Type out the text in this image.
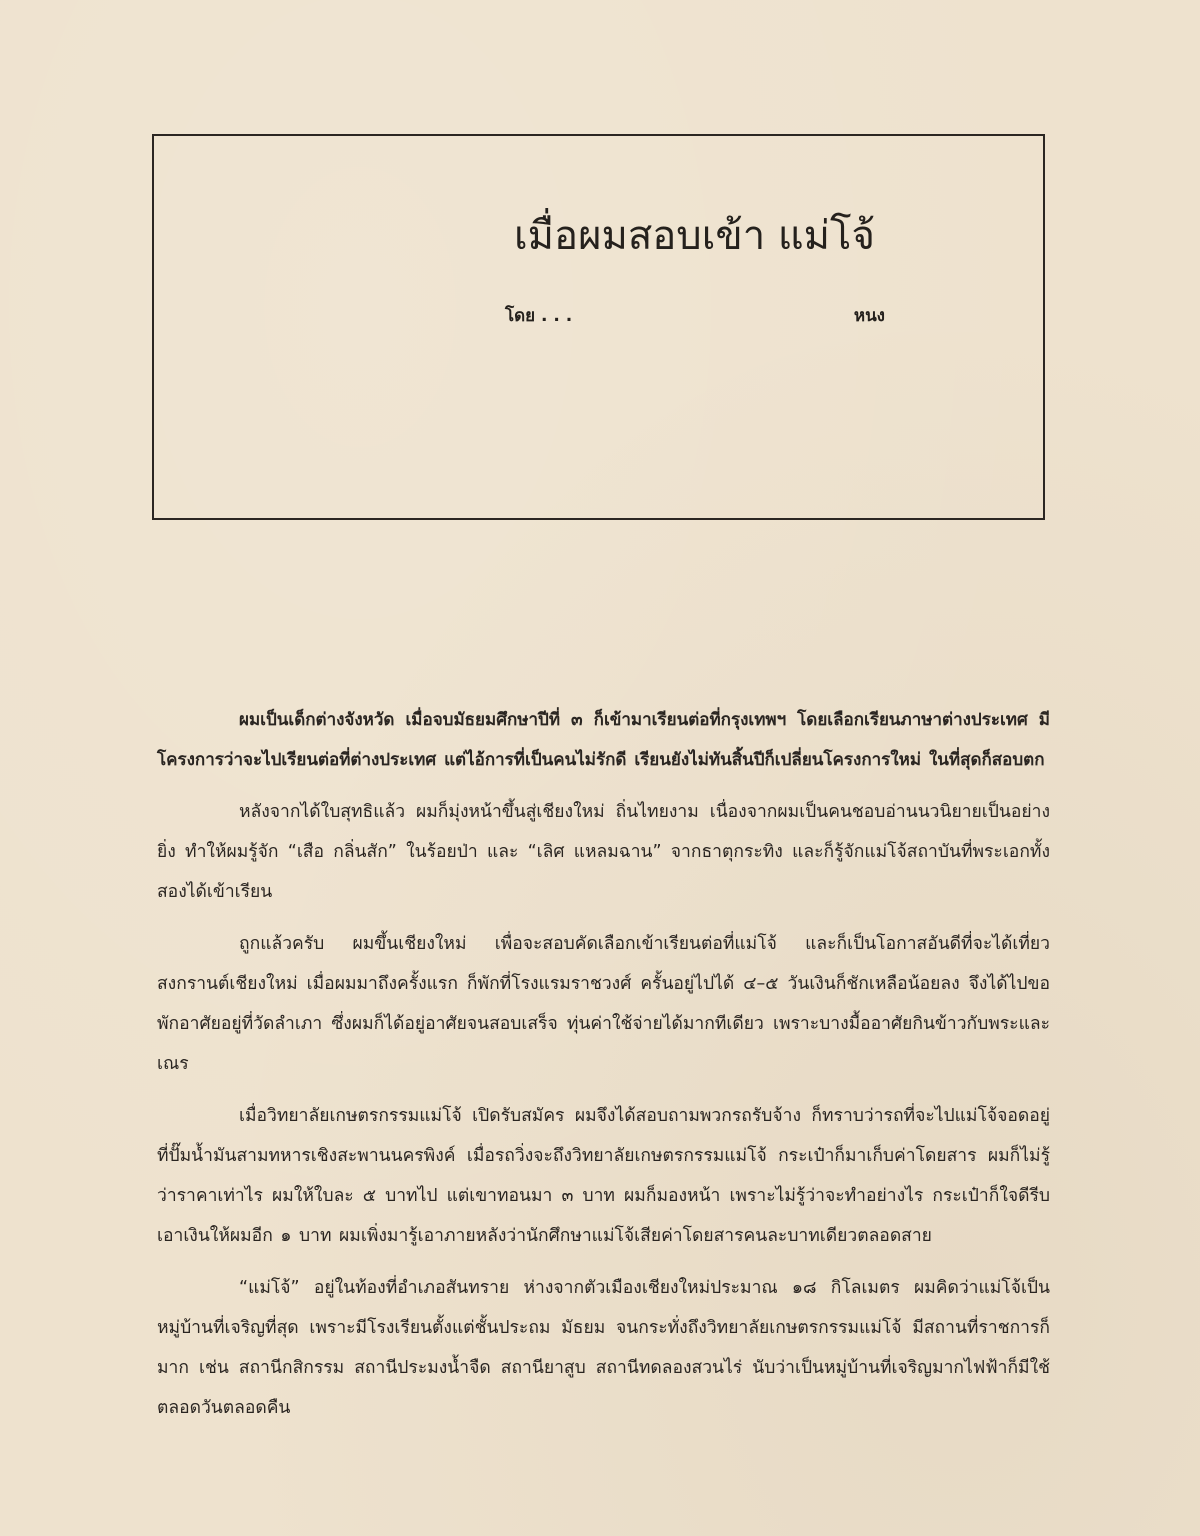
เมื่อผมสอบเข้า แม่โจ้
โดย . . .	หนง

ผมเป็นเด็กต่างจังหวัด เมื่อจบมัธยมศึกษาปีที่ ๓ ก็เข้ามาเรียนต่อที่กรุงเทพฯ โดยเลือกเรียนภาษาต่างประเทศ มีโครงการว่าจะไปเรียนต่อที่ต่างประเทศ แต่ไอ้การที่เป็นคนไม่รักดี เรียนยังไม่ทันสิ้นปีก็เปลี่ยนโครงการใหม่ ในที่สุดก็สอบตก

หลังจากได้ใบสุทธิแล้ว ผมก็มุ่งหน้าขึ้นสู่เชียงใหม่ ถิ่นไทยงาม เนื่องจากผมเป็นคนชอบอ่านนวนิยายเป็นอย่างยิ่ง ทำให้ผมรู้จัก “เสือ กลิ่นสัก” ในร้อยป่า และ “เลิศ แหลมฉาน” จากธาตุกระทิง และก็รู้จักแม่โจ้สถาบันที่พระเอกทั้งสองได้เข้าเรียน

ถูกแล้วครับ ผมขึ้นเชียงใหม่ เพื่อจะสอบคัดเลือกเข้าเรียนต่อที่แม่โจ้ และก็เป็นโอกาสอันดีที่จะได้เที่ยวสงกรานต์เชียงใหม่ เมื่อผมมาถึงครั้งแรก ก็พักที่โรงแรมราชวงศ์ ครั้นอยู่ไปได้ ๔–๕ วันเงินก็ชักเหลือน้อยลง จึงได้ไปขอพักอาศัยอยู่ที่วัดลำเภา ซึ่งผมก็ได้อยู่อาศัยจนสอบเสร็จ ทุ่นค่าใช้จ่ายได้มากทีเดียว เพราะบางมื้ออาศัยกินข้าวกับพระและเณร

เมื่อวิทยาลัยเกษตรกรรมแม่โจ้ เปิดรับสมัคร ผมจึงได้สอบถามพวกรถรับจ้าง ก็ทราบว่ารถที่จะไปแม่โจ้จอดอยู่ที่ปั๊มน้ำมันสามทหารเชิงสะพานนครพิงค์ เมื่อรถวิ่งจะถึงวิทยาลัยเกษตรกรรมแม่โจ้ กระเป๋าก็มาเก็บค่าโดยสาร ผมก็ไม่รู้ว่าราคาเท่าไร ผมให้ใบละ ๕ บาทไป แต่เขาทอนมา ๓ บาท ผมก็มองหน้า เพราะไม่รู้ว่าจะทำอย่างไร กระเป๋าก็ใจดีรีบเอาเงินให้ผมอีก ๑ บาท ผมเพิ่งมารู้เอาภายหลังว่านักศึกษาแม่โจ้เสียค่าโดยสารคนละบาทเดียวตลอดสาย

“แม่โจ้” อยู่ในท้องที่อำเภอสันทราย ห่างจากตัวเมืองเชียงใหม่ประมาณ ๑๘ กิโลเมตร ผมคิดว่าแม่โจ้เป็นหมู่บ้านที่เจริญที่สุด เพราะมีโรงเรียนตั้งแต่ชั้นประถม มัธยม จนกระทั่งถึงวิทยาลัยเกษตรกรรมแม่โจ้ มีสถานที่ราชการก็มาก เช่น สถานีกสิกรรม สถานีประมงน้ำจืด สถานียาสูบ สถานีทดลองสวนไร่ นับว่าเป็นหมู่บ้านที่เจริญมากไฟฟ้าก็มีใช้ตลอดวันตลอดคืน
